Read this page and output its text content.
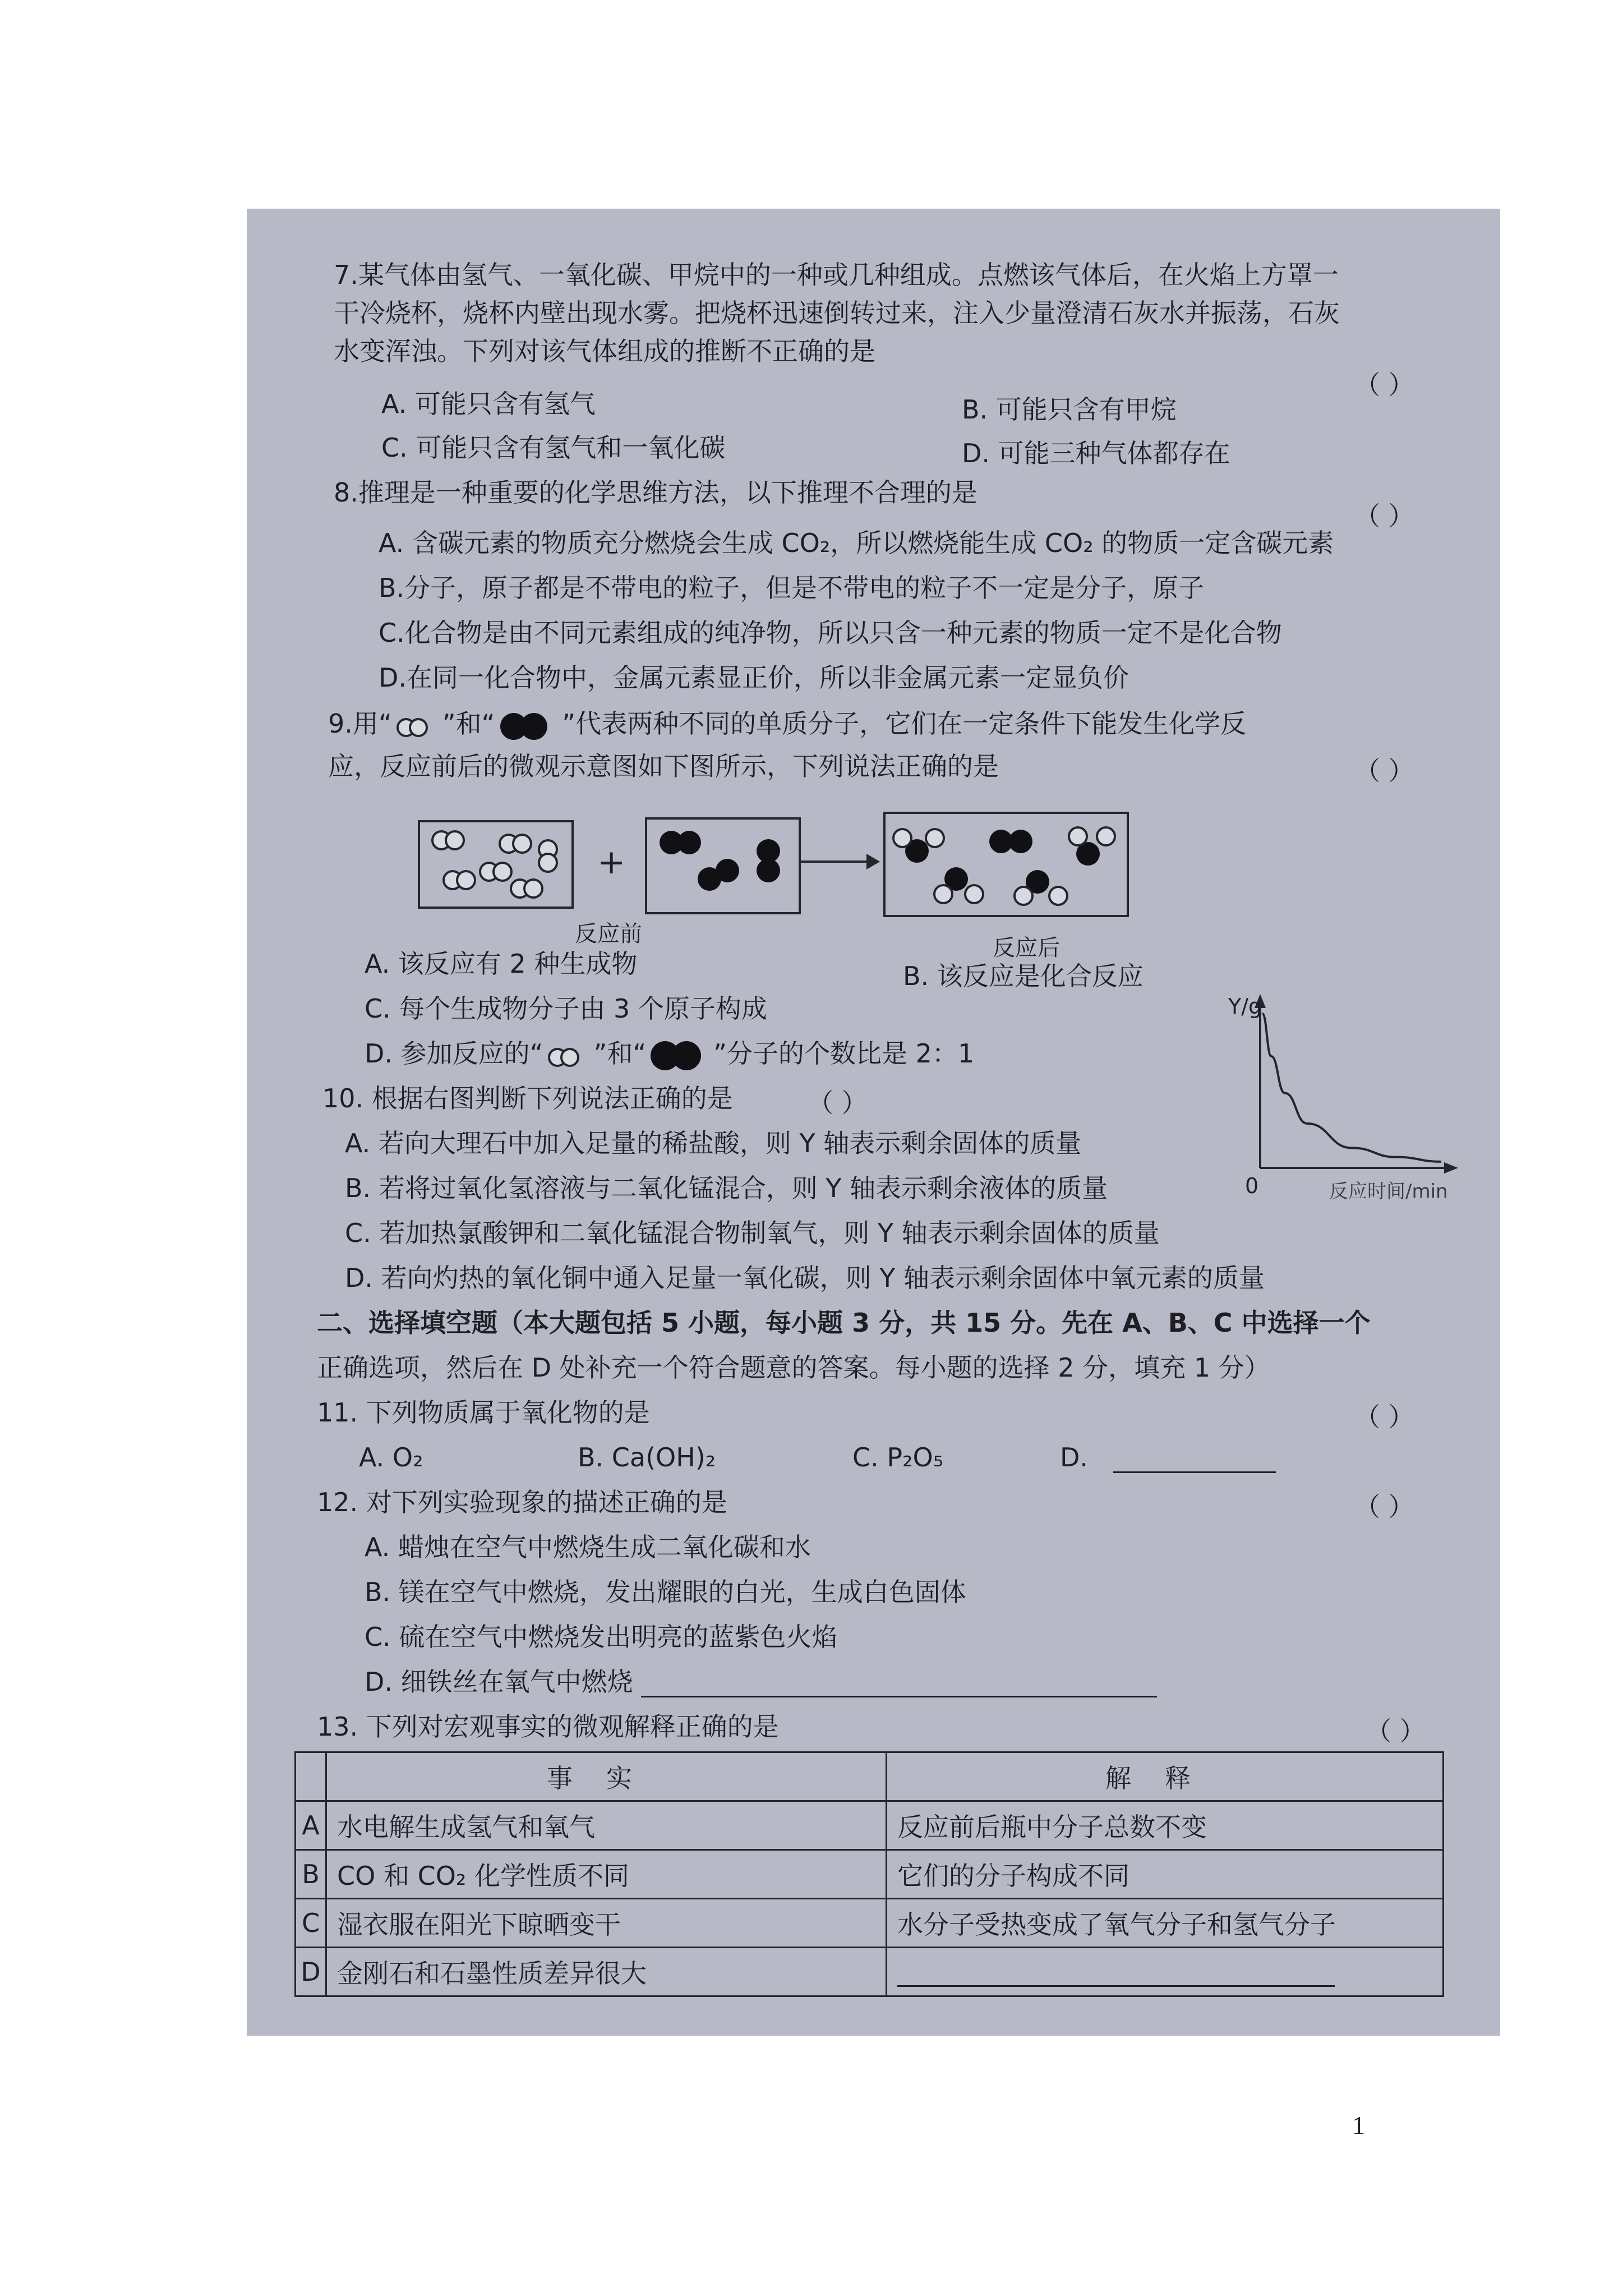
7.某气体由氢气、一氧化碳、甲烷中的一种或几种组成。点燃该气体后，在火焰上方罩一
干冷烧杯，烧杯内壁出现水雾。把烧杯迅速倒转过来，注入少量澄清石灰水并振荡，石灰
水变浑浊。下列对该气体组成的推断不正确的是
（ ）
A. 可能只含有氢气	B. 可能只含有甲烷
C. 可能只含有氢气和一氧化碳	D. 可能三种气体都存在
8.推理是一种重要的化学思维方法，以下推理不合理的是
（ ）
A. 含碳元素的物质充分燃烧会生成 CO₂，所以燃烧能生成 CO₂ 的物质一定含碳元素
B.分子，原子都是不带电的粒子，但是不带电的粒子不一定是分子，原子
C.化合物是由不同元素组成的纯净物，所以只含一种元素的物质一定不是化合物
D.在同一化合物中，金属元素显正价，所以非金属元素一定显负价
9.用“ ”和“	”代表两种不同的单质分子，它们在一定条件下能发生化学反
应，反应前后的微观示意图如下图所示，下列说法正确的是	（ ）
+
反应前
反应后
A. 该反应有 2 种生成物	B. 该反应是化合反应
C. 每个生成物分子由 3 个原子构成
D. 参加反应的“ ”和“	”分子的个数比是 2：1
10. 根据右图判断下列说法正确的是	（ ）
A. 若向大理石中加入足量的稀盐酸，则 Y 轴表示剩余固体的质量
B. 若将过氧化氢溶液与二氧化锰混合，则 Y 轴表示剩余液体的质量
C. 若加热氯酸钾和二氧化锰混合物制氧气，则 Y 轴表示剩余固体的质量
D. 若向灼热的氧化铜中通入足量一氧化碳，则 Y 轴表示剩余固体中氧元素的质量
Y/g
0	反应时间/min
二、选择填空题（本大题包括 5 小题，每小题 3 分，共 15 分。先在 A、B、C 中选择一个
正确选项，然后在 D 处补充一个符合题意的答案。每小题的选择 2 分，填充 1 分）
11. 下列物质属于氧化物的是	（ ）
A. O₂	B. Ca(OH)₂	C. P₂O₅	D.
12. 对下列实验现象的描述正确的是	（ ）
A. 蜡烛在空气中燃烧生成二氧化碳和水
B. 镁在空气中燃烧，发出耀眼的白光，生成白色固体
C. 硫在空气中燃烧发出明亮的蓝紫色火焰
D. 细铁丝在氧气中燃烧
13. 下列对宏观事实的微观解释正确的是	（ ）
	事实	解释
A	水电解生成氢气和氧气	反应前后瓶中分子总数不变
B	CO 和 CO₂ 化学性质不同	它们的分子构成不同
C	湿衣服在阳光下晾晒变干	水分子受热变成了氧气分子和氢气分子
D	金刚石和石墨性质差异很大	
1
